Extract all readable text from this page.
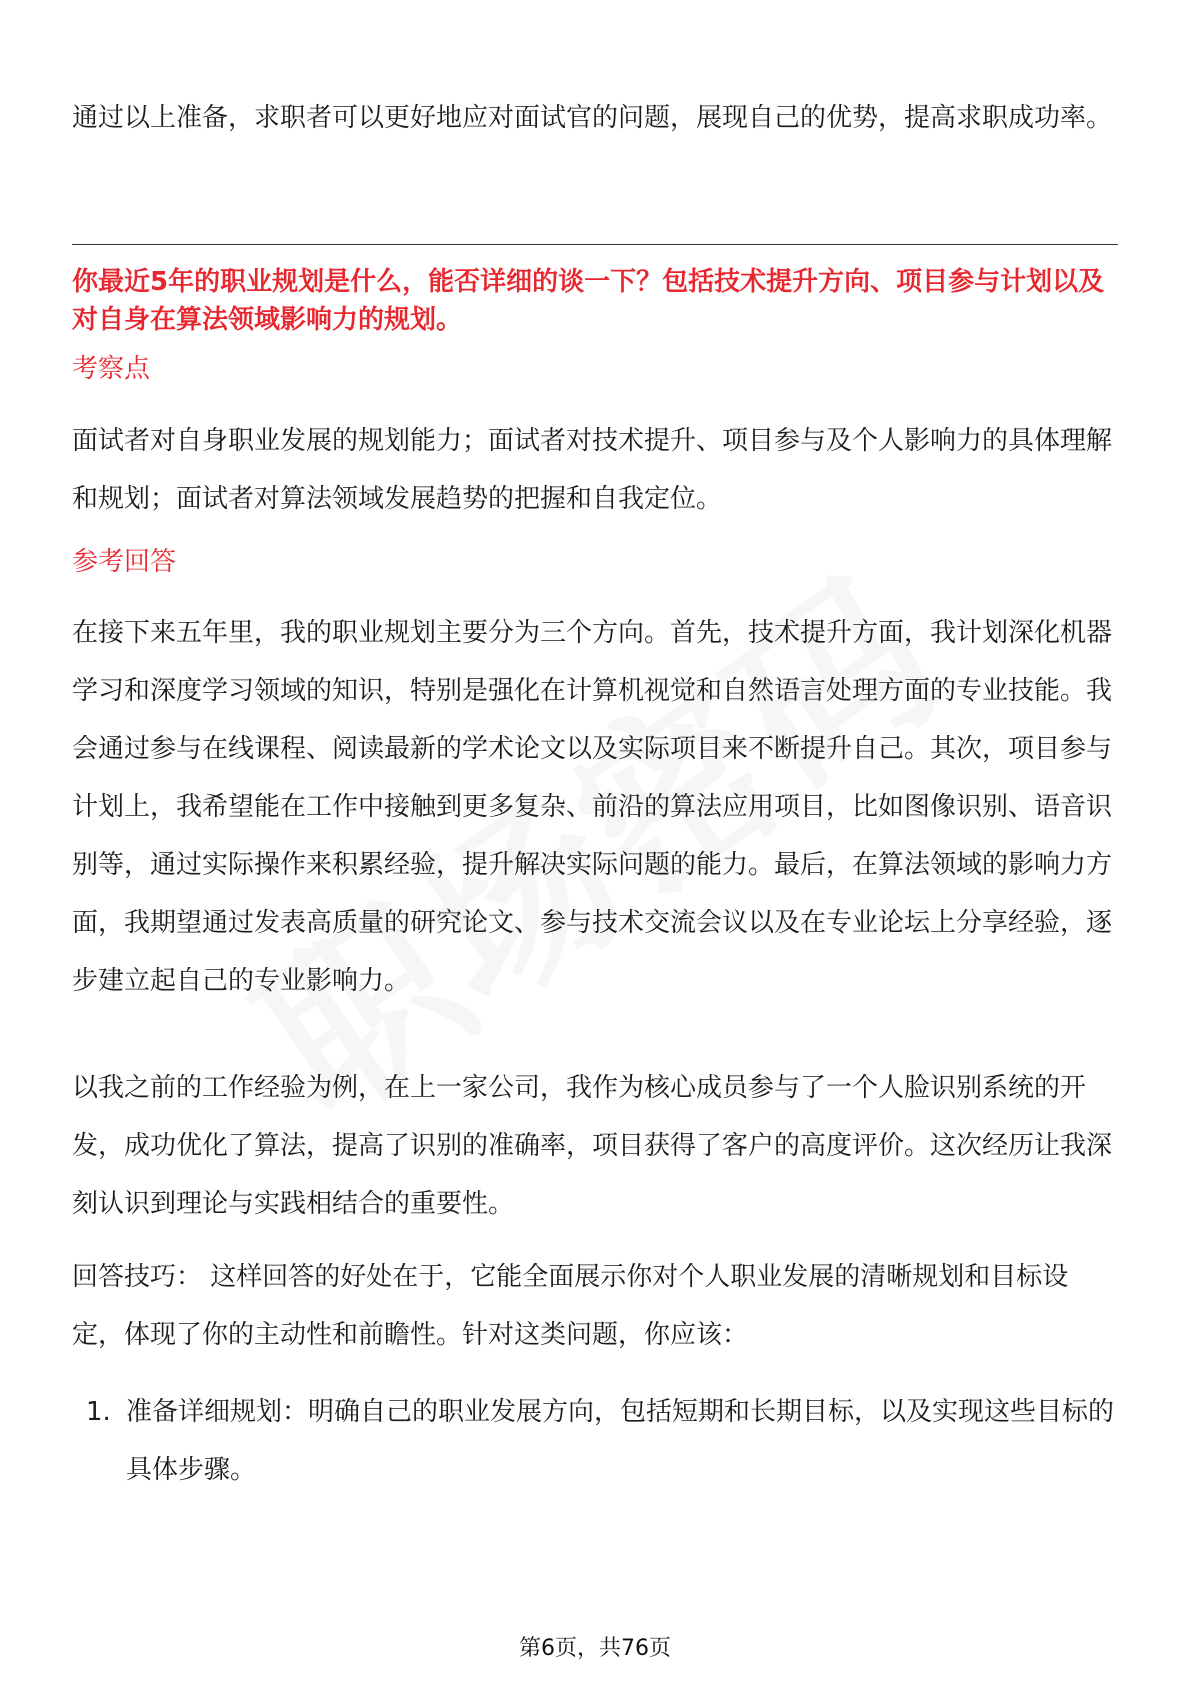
通过以上准备，求职者可以更好地应对面试官的问题，展现自己的优势，提高求职成功率。

你最近5年的职业规划是什么，能否详细的谈一下？包括技术提升方向、项目参与计划以及对自身在算法领域影响力的规划。

考察点

面试者对自身职业发展的规划能力；面试者对技术提升、项目参与及个人影响力的具体理解和规划；面试者对算法领域发展趋势的把握和自我定位。

参考回答

在接下来五年里，我的职业规划主要分为三个方向。首先，技术提升方面，我计划深化机器学习和深度学习领域的知识，特别是强化在计算机视觉和自然语言处理方面的专业技能。我会通过参与在线课程、阅读最新的学术论文以及实际项目来不断提升自己。其次，项目参与计划上，我希望能在工作中接触到更多复杂、前沿的算法应用项目，比如图像识别、语音识别等，通过实际操作来积累经验，提升解决实际问题的能力。最后，在算法领域的影响力方面，我期望通过发表高质量的研究论文、参与技术交流会议以及在专业论坛上分享经验，逐步建立起自己的专业影响力。

以我之前的工作经验为例，在上一家公司，我作为核心成员参与了一个人脸识别系统的开发，成功优化了算法，提高了识别的准确率，项目获得了客户的高度评价。这次经历让我深刻认识到理论与实践相结合的重要性。

回答技巧： 这样回答的好处在于，它能全面展示你对个人职业发展的清晰规划和目标设定，体现了你的主动性和前瞻性。针对这类问题，你应该：

1. 准备详细规划：明确自己的职业发展方向，包括短期和长期目标，以及实现这些目标的具体步骤。
第6页，共76页
